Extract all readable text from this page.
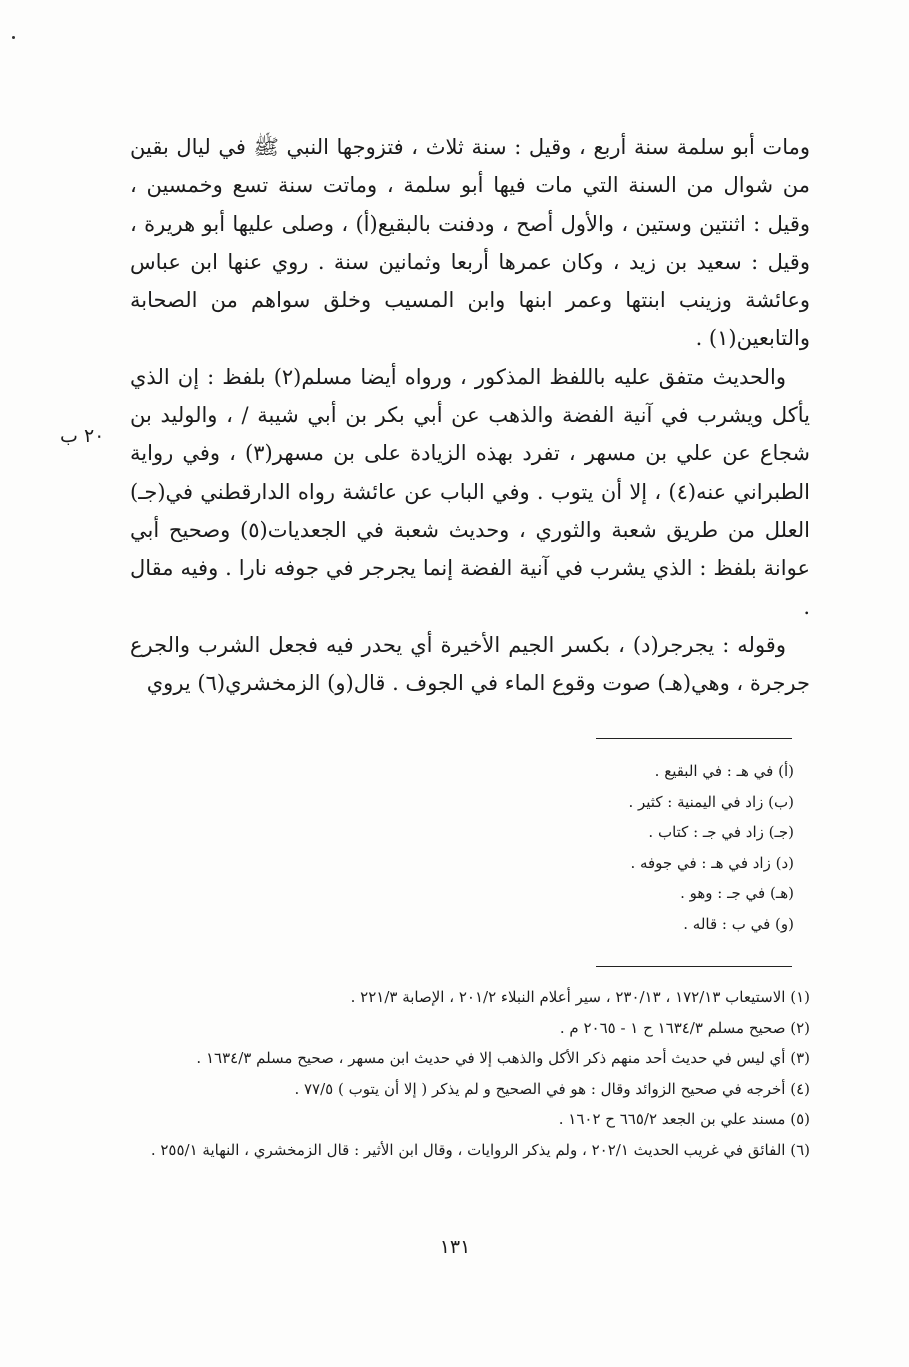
ومات أبو سلمة سنة أربع ، وقيل : سنة ثلاث ، فتزوجها النبي ﷺ في ليال بقين من شوال من السنة التي مات فيها أبو سلمة ، وماتت سنة تسع وخمسين ، وقيل : اثنتين وستين ، والأول أصح ، ودفنت بالبقيع(أ) ، وصلى عليها أبو هريرة ، وقيل : سعيد بن زيد ، وكان عمرها أربعا وثمانين سنة . روي عنها ابن عباس وعائشة وزينب ابنتها وعمر ابنها وابن المسيب وخلق سواهم من الصحابة والتابعين(١) .

والحديث متفق عليه باللفظ المذكور ، ورواه أيضا مسلم(٢) بلفظ : إن الذي يأكل ويشرب في آنية الفضة والذهب عن أبي بكر بن أبي شيبة / ، والوليد بن شجاع عن علي بن مسهر ، تفرد بهذه الزيادة على بن مسهر(٣) ، وفي رواية الطبراني عنه(٤) ، إلا أن يتوب . وفي الباب عن عائشة رواه الدارقطني في(جـ) العلل من طريق شعبة والثوري ، وحديث شعبة في الجعديات(٥) وصحيح أبي عوانة بلفظ : الذي يشرب في آنية الفضة إنما يجرجر في جوفه نارا . وفيه مقال .

وقوله : يجرجر(د) ، بكسر الجيم الأخيرة أي يحدر فيه فجعل الشرب والجرع جرجرة ، وهي(هـ) صوت وقوع الماء في الجوف . قال(و) الزمخشري(٦) يروي

٢٠ ب

(أ) في هـ : في البقيع .

(ب) زاد في اليمنية : كثير .

(جـ) زاد في جـ : كتاب .

(د) زاد في هـ : في جوفه .

(هـ) في جـ : وهو .

(و) في ب : قاله .

(١) الاستيعاب ١٧٢/١٣ ، ٢٣٠/١٣ ، سير أعلام النبلاء ٢٠١/٢ ، الإصابة ٢٢١/٣ .

(٢) صحيح مسلم ١٦٣٤/٣ ح ١ - ٢٠٦٥ م .

(٣) أي ليس في حديث أحد منهم ذكر الأكل والذهب إلا في حديث ابن مسهر ، صحيح مسلم ١٦٣٤/٣ .

(٤) أخرجه في صحيح الزوائد وقال : هو في الصحيح و لم يذكر ( إلا أن يتوب ) ٧٧/٥ .

(٥) مسند علي بن الجعد ٦٦٥/٢ ح ١٦٠٢ .

(٦) الفائق في غريب الحديث ٢٠٢/١ ، ولم يذكر الروايات ، وقال ابن الأثير : قال الزمخشري ، النهاية ٢٥٥/١ .

١٣١
